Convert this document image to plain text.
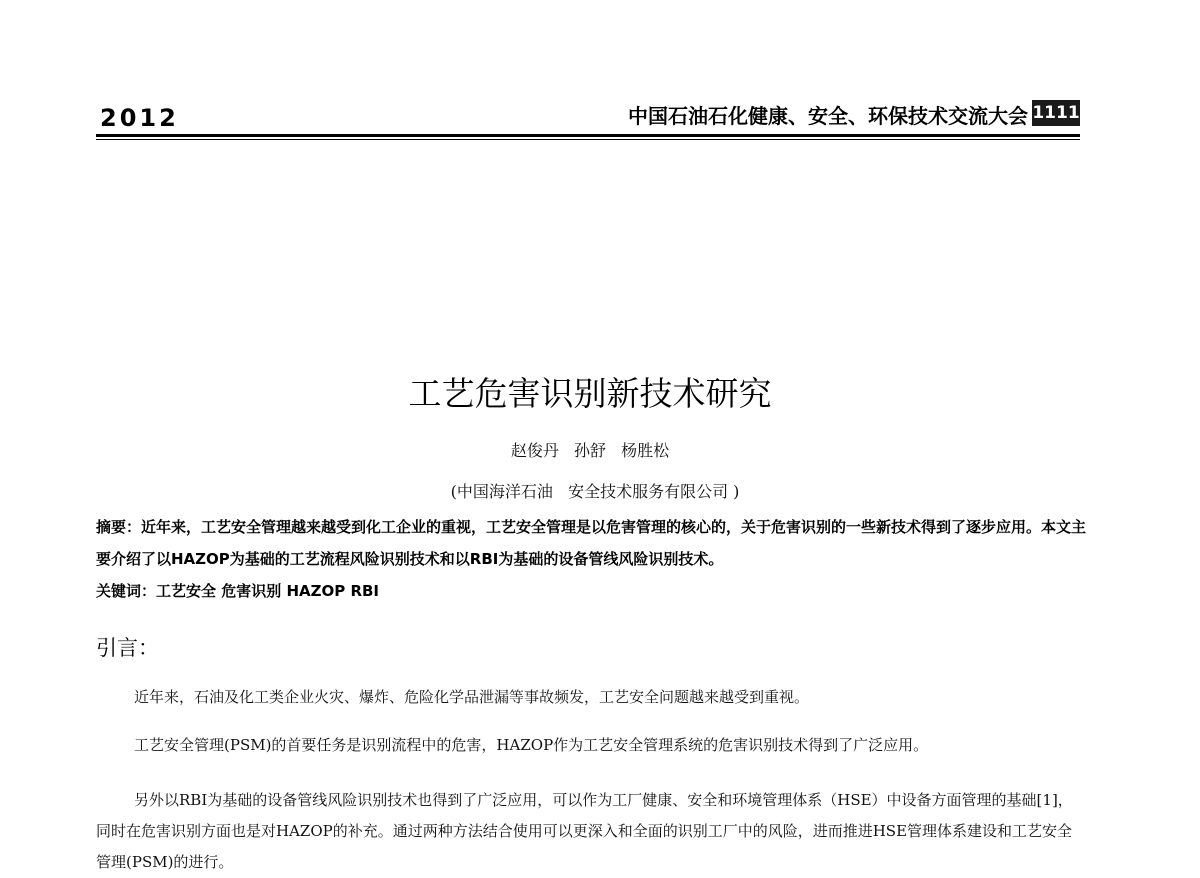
2012	中国石油石化健康、安全、环保技术交流大会 1111
工艺危害识别新技术研究
赵俊丹 孙舒 杨胜松
(中国海洋石油   安全技术服务有限公司 )

摘要：近年来，工艺安全管理越来越受到化工企业的重视，工艺安全管理是以危害管理的核心的，关于危害识别的一些新技术得到了逐步应用。本文主要介绍了以HAZOP为基础的工艺流程风险识别技术和以RBI为基础的设备管线风险识别技术。

关键词：工艺安全 危害识别 HAZOP RBI

引言：

近年来，石油及化工类企业火灾、爆炸、危险化学品泄漏等事故频发，工艺安全问题越来越受到重视。

工艺安全管理(PSM)的首要任务是识别流程中的危害，HAZOP作为工艺安全管理系统的危害识别技术得到了广泛应用。

另外以RBI为基础的设备管线风险识别技术也得到了广泛应用，可以作为工厂健康、安全和环境管理体系（HSE）中设备方面管理的基础[1]，同时在危害识别方面也是对HAZOP的补充。通过两种方法结合使用可以更深入和全面的识别工厂中的风险，进而推进HSE管理体系建设和工艺安全管理(PSM)的进行。
